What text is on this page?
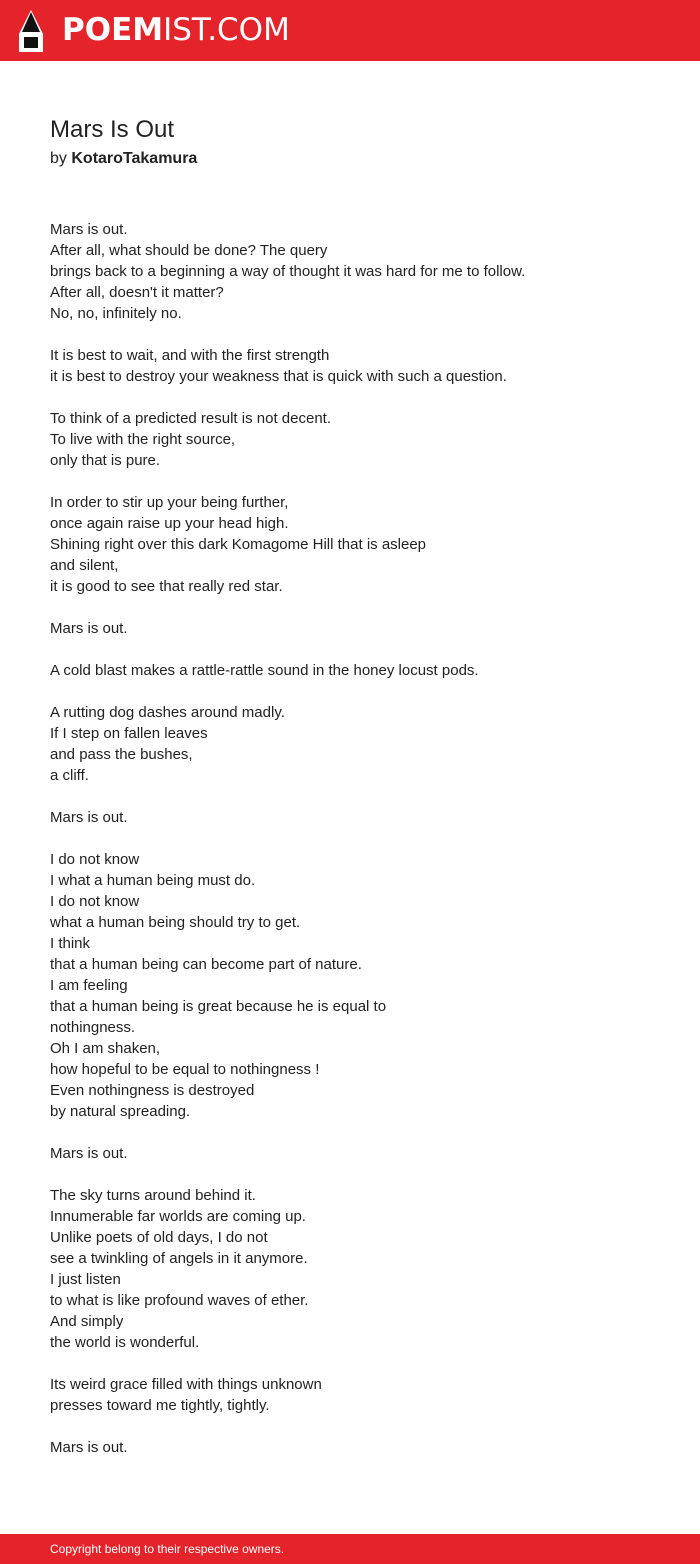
POEMIST.COM
Mars Is Out
by KotaroTakamura
Mars is out.
After all, what should be done? The query
brings back to a beginning a way of thought it was hard for me to follow.
After all, doesn't it matter?
No, no, infinitely no.
It is best to wait, and with the first strength
it is best to destroy your weakness that is quick with such a question.
To think of a predicted result is not decent.
To live with the right source,
only that is pure.
In order to stir up your being further,
once again raise up your head high.
Shining right over this dark Komagome Hill that is asleep
and silent,
it is good to see that really red star.
Mars is out.
A cold blast makes a rattle-rattle sound in the honey locust pods.
A rutting dog dashes around madly.
If I step on fallen leaves
and pass the bushes,
a cliff.
Mars is out.
I do not know
I what a human being must do.
I do not know
what a human being should try to get.
I think
that a human being can become part of nature.
I am feeling
that a human being is great because he is equal to
nothingness.
Oh I am shaken,
how hopeful to be equal to nothingness !
Even nothingness is destroyed
by natural spreading.
Mars is out.
The sky turns around behind it.
Innumerable far worlds are coming up.
Unlike poets of old days, I do not
see a twinkling of angels in it anymore.
I just listen
to what is like profound waves of ether.
And simply
the world is wonderful.
Its weird grace filled with things unknown
presses toward me tightly, tightly.
Mars is out.
Copyright belong to their respective owners.
